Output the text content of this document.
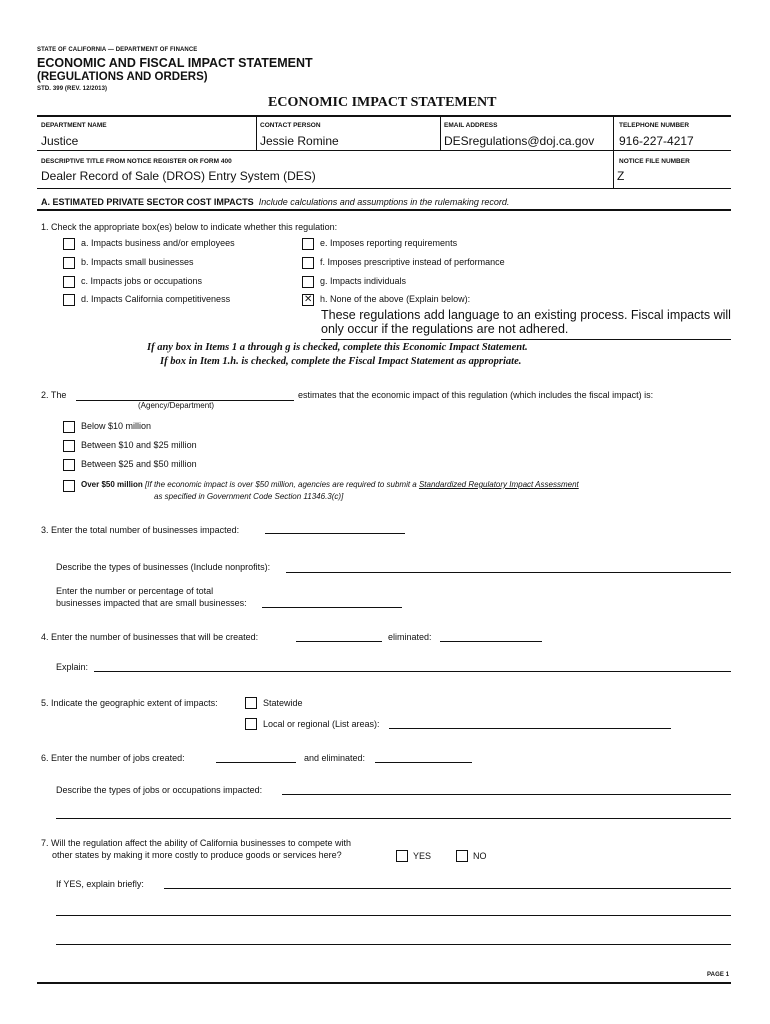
STATE OF CALIFORNIA — DEPARTMENT OF FINANCE
ECONOMIC AND FISCAL IMPACT STATEMENT
(REGULATIONS AND ORDERS)
STD. 399 (REV. 12/2013)
ECONOMIC IMPACT STATEMENT
DEPARTMENT NAME
Justice
CONTACT PERSON
Jessie Romine
EMAIL ADDRESS
DESregulations@doj.ca.gov
TELEPHONE NUMBER
916-227-4217
DESCRIPTIVE TITLE FROM NOTICE REGISTER OR FORM 400
Dealer Record of Sale (DROS) Entry System (DES)
NOTICE FILE NUMBER
Z
A. ESTIMATED PRIVATE SECTOR COST IMPACTS Include calculations and assumptions in the rulemaking record.
1. Check the appropriate box(es) below to indicate whether this regulation:
a. Impacts business and/or employees
b. Impacts small businesses
c. Impacts jobs or occupations
d. Impacts California competitiveness
e. Imposes reporting requirements
f. Imposes prescriptive instead of performance
g. Impacts individuals
✕
h. None of the above (Explain below):
These regulations add language to an existing process. Fiscal impacts will
only occur if the regulations are not adhered.
If any box in Items 1 a through g is checked, complete this Economic Impact Statement.
If box in Item 1.h. is checked, complete the Fiscal Impact Statement as appropriate.
2. The
(Agency/Department)
estimates that the economic impact of this regulation (which includes the fiscal impact) is:
Below $10 million
Between $10 and $25 million
Between $25 and $50 million
Over $50 million [If the economic impact is over $50 million, agencies are required to submit a Standardized Regulatory Impact Assessment
as specified in Government Code Section 11346.3(c)]
3. Enter the total number of businesses impacted:
Describe the types of businesses (Include nonprofits):
Enter the number or percentage of total
businesses impacted that are small businesses:
4. Enter the number of businesses that will be created:	eliminated:
Explain:
5. Indicate the geographic extent of impacts:	Statewide
Local or regional (List areas):
6. Enter the number of jobs created:	and eliminated:
Describe the types of jobs or occupations impacted:
7. Will the regulation affect the ability of California businesses to compete with
other states by making it more costly to produce goods or services here?	YES	NO
If YES, explain briefly:
PAGE 1
